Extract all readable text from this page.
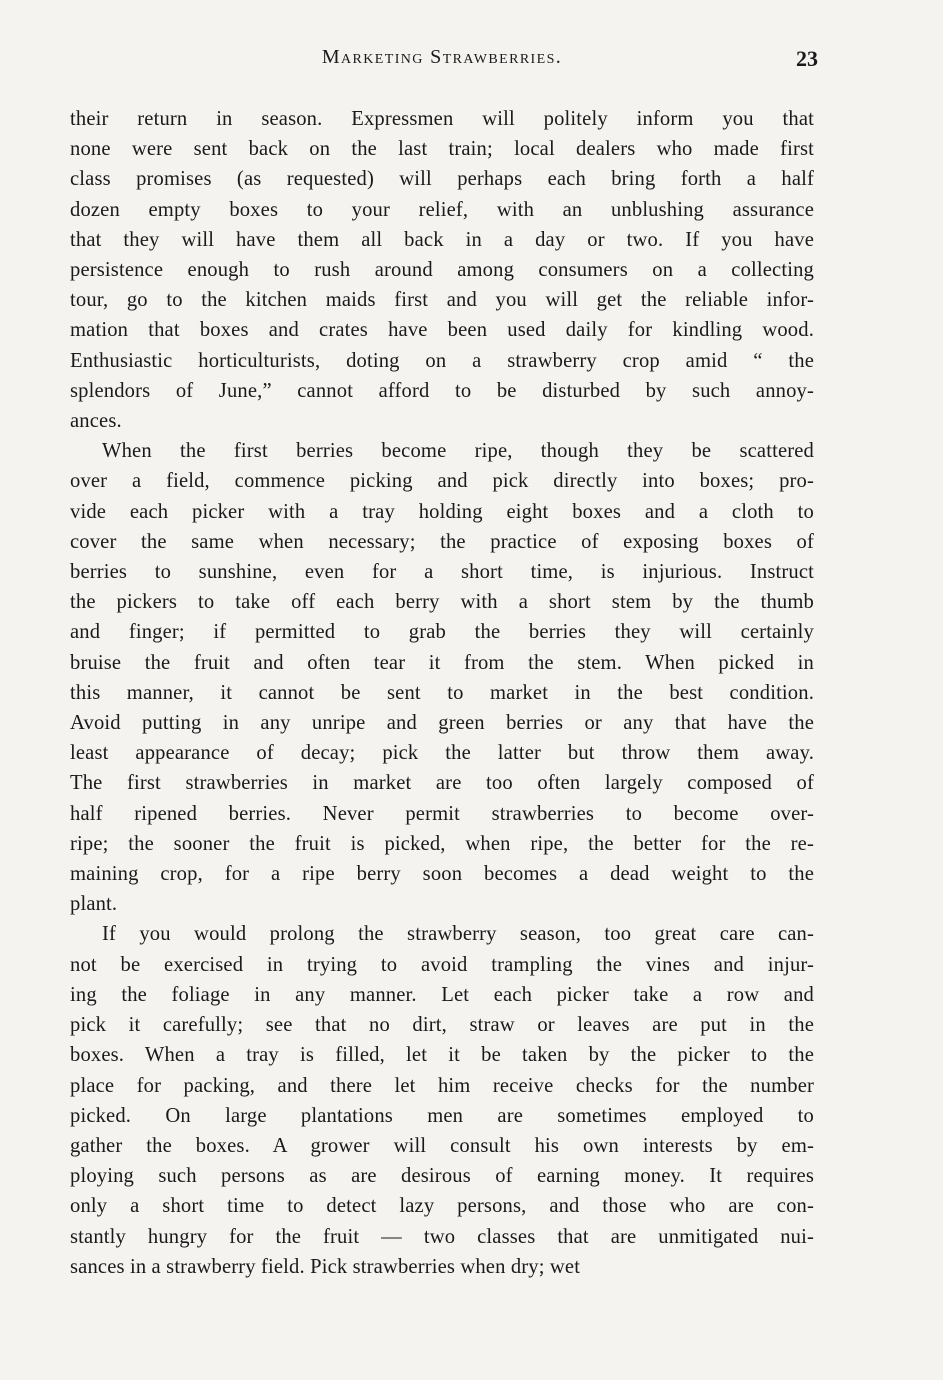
Marketing Strawberries.	23

their return in season. Expressmen will politely inform you that
none were sent back on the last train; local dealers who made first
class promises (as requested) will perhaps each bring forth a half
dozen empty boxes to your relief, with an unblushing assurance
that they will have them all back in a day or two. If you have
persistence enough to rush around among consumers on a collecting
tour, go to the kitchen maids first and you will get the reliable infor-
mation that boxes and crates have been used daily for kindling wood.
Enthusiastic horticulturists, doting on a strawberry crop amid “ the
splendors of June,” cannot afford to be disturbed by such annoy-
ances.

When the first berries become ripe, though they be scattered
over a field, commence picking and pick directly into boxes; pro-
vide each picker with a tray holding eight boxes and a cloth to
cover the same when necessary; the practice of exposing boxes of
berries to sunshine, even for a short time, is injurious. Instruct
the pickers to take off each berry with a short stem by the thumb
and finger; if permitted to grab the berries they will certainly
bruise the fruit and often tear it from the stem. When picked in
this manner, it cannot be sent to market in the best condition.
Avoid putting in any unripe and green berries or any that have the
least appearance of decay; pick the latter but throw them away.
The first strawberries in market are too often largely composed of
half ripened berries. Never permit strawberries to become over-
ripe; the sooner the fruit is picked, when ripe, the better for the re-
maining crop, for a ripe berry soon becomes a dead weight to the
plant.

If you would prolong the strawberry season, too great care can-
not be exercised in trying to avoid trampling the vines and injur-
ing the foliage in any manner. Let each picker take a row and
pick it carefully; see that no dirt, straw or leaves are put in the
boxes. When a tray is filled, let it be taken by the picker to the
place for packing, and there let him receive checks for the number
picked. On large plantations men are sometimes employed to
gather the boxes. A grower will consult his own interests by em-
ploying such persons as are desirous of earning money. It requires
only a short time to detect lazy persons, and those who are con-
stantly hungry for the fruit — two classes that are unmitigated nui-
sances in a strawberry field. Pick strawberries when dry; wet
